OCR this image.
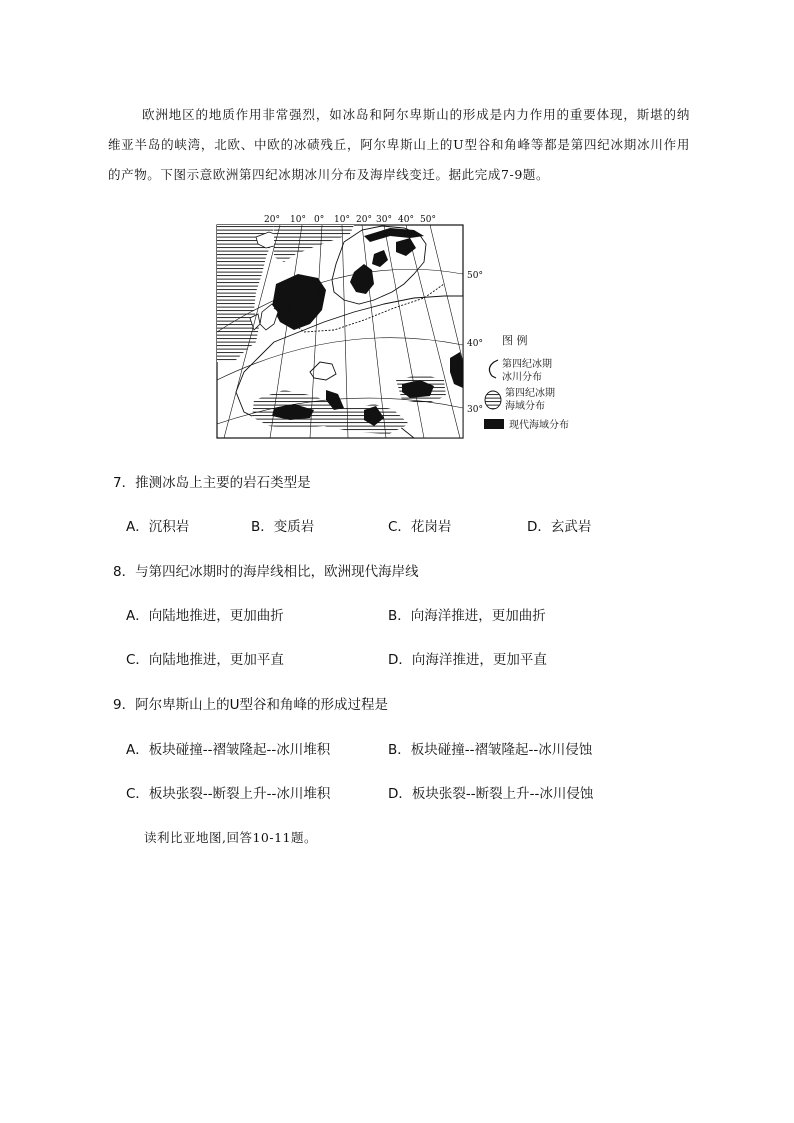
欧洲地区的地质作用非常强烈，如冰岛和阿尔卑斯山的形成是内力作用的重要体现，斯堪的纳维亚半岛的峡湾，北欧、中欧的冰碛残丘，阿尔卑斯山上的U型谷和角峰等都是第四纪冰期冰川作用的产物。下图示意欧洲第四纪冰期冰川分布及海岸线变迁。据此完成7-9题。
20° 10° 0° 10° 20° 30° 40° 50°
50°
40°
30°
图 例
第四纪冰期
冰川分布
第四纪冰期
海域分布
现代海域分布
7．推测冰岛上主要的岩石类型是
A．沉积岩	B．变质岩	C．花岗岩	D．玄武岩
8．与第四纪冰期时的海岸线相比，欧洲现代海岸线
A．向陆地推进，更加曲折	B．向海洋推进，更加曲折
C．向陆地推进，更加平直	D．向海洋推进，更加平直
9．阿尔卑斯山上的U型谷和角峰的形成过程是
A．板块碰撞--褶皱隆起--冰川堆积	B．板块碰撞--褶皱隆起--冰川侵蚀
C．板块张裂--断裂上升--冰川堆积	D．板块张裂--断裂上升--冰川侵蚀
读利比亚地图,回答10-11题。
